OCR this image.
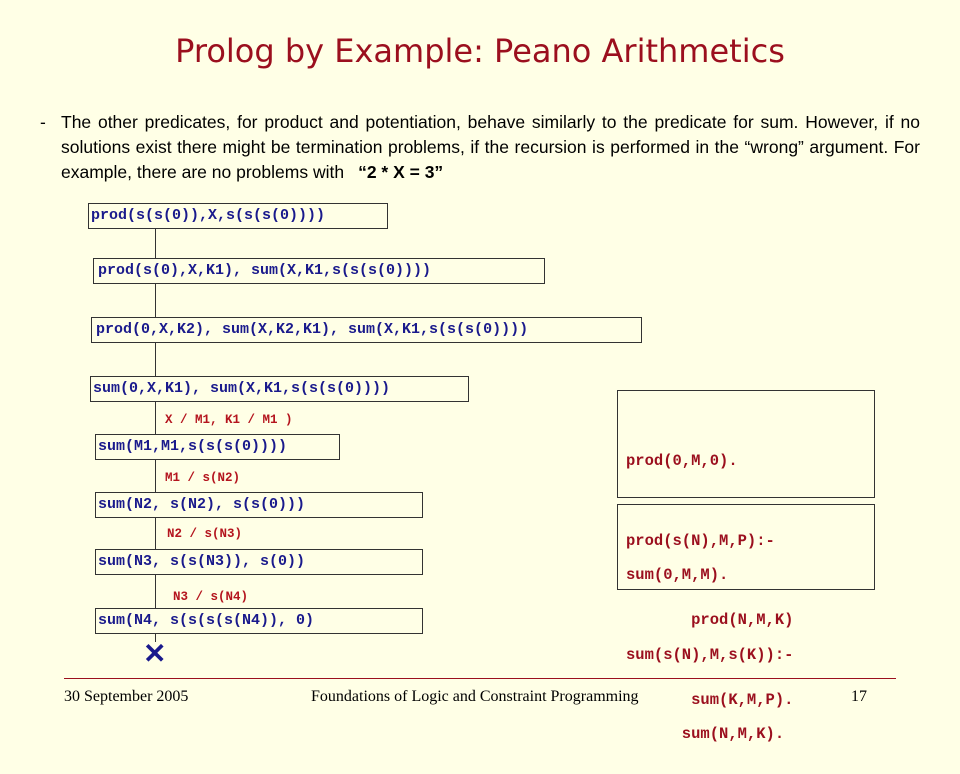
Prolog by Example: Peano Arithmetics
- The other predicates, for product and potentiation, behave similarly to the predicate for sum. However, if no solutions exist there might be termination problems, if the recursion is performed in the “wrong” argument. For example, there are no problems with “2 * X = 3”
prod(s(s(0)),X,s(s(s(0))))
prod(s(0),X,K1), sum(X,K1,s(s(s(0))))
prod(0,X,K2), sum(X,K2,K1), sum(X,K1,s(s(s(0))))
sum(0,X,K1), sum(X,K1,s(s(s(0))))
sum(M1,M1,s(s(s(0))))
sum(N2, s(N2), s(s(0)))
sum(N3, s(s(N3)), s(0))
sum(N4, s(s(s(s(N4)), 0)
X / M1, K1 / M1 )
M1 / s(N2)
N2 / s(N3)
N3 / s(N4)
✕

prod(0,M,0).

prod(s(N),M,P):-

prod(N,M,K)

sum(K,M,P).

sum(0,M,M).

sum(s(N),M,s(K)):-

sum(N,M,K).

30 September 2005	Foundations of Logic and Constraint Programming	17
